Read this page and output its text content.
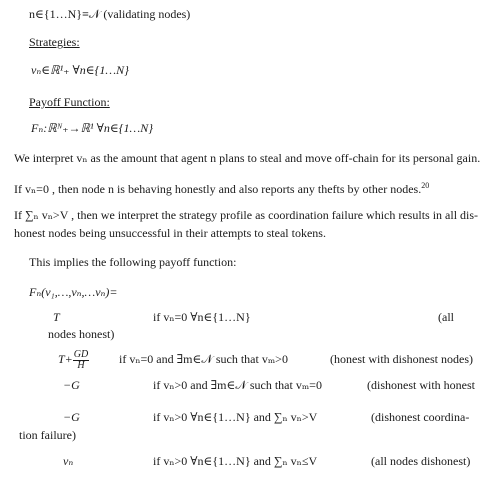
n∈{1…N}≡𝒩 (validating nodes)
Strategies:
vₙ∈ℝ¹₊ ∀n∈{1…N}
Payoff Function:
Fₙ:ℝᴺ₊→ℝ¹ ∀n∈{1…N}
We interpret vₙ as the amount that agent n plans to steal and move off-chain for its personal gain.
If vₙ=0 , then node n is behaving honestly and also reports any thefts by other nodes.$^{20}$
If ∑ₙ vₙ>V , then we interpret the strategy profile as coordination failure which results in all dis-
honest nodes being unsuccessful in their attempts to steal tokens.
This implies the following payoff function:
Fₙ(v₁,…,vₙ,…vₙ)=
T	if vₙ=0 ∀n∈{1…N}	(all
nodes honest)
$T+ \frac{GD}{H}$ if vₙ=0 and ∃m∈𝒩 such that vₘ>0	(honest with dishonest nodes)
−G	if vₙ>0 and ∃m∈𝒩 such that vₘ=0	(dishonest with honest
−G	if vₙ>0 ∀n∈{1…N} and ∑ₙ vₙ>V	(dishonest coordina-
tion failure)
vₙ	if vₙ>0 ∀n∈{1…N} and ∑ₙ vₙ≤V	(all nodes dishonest)
